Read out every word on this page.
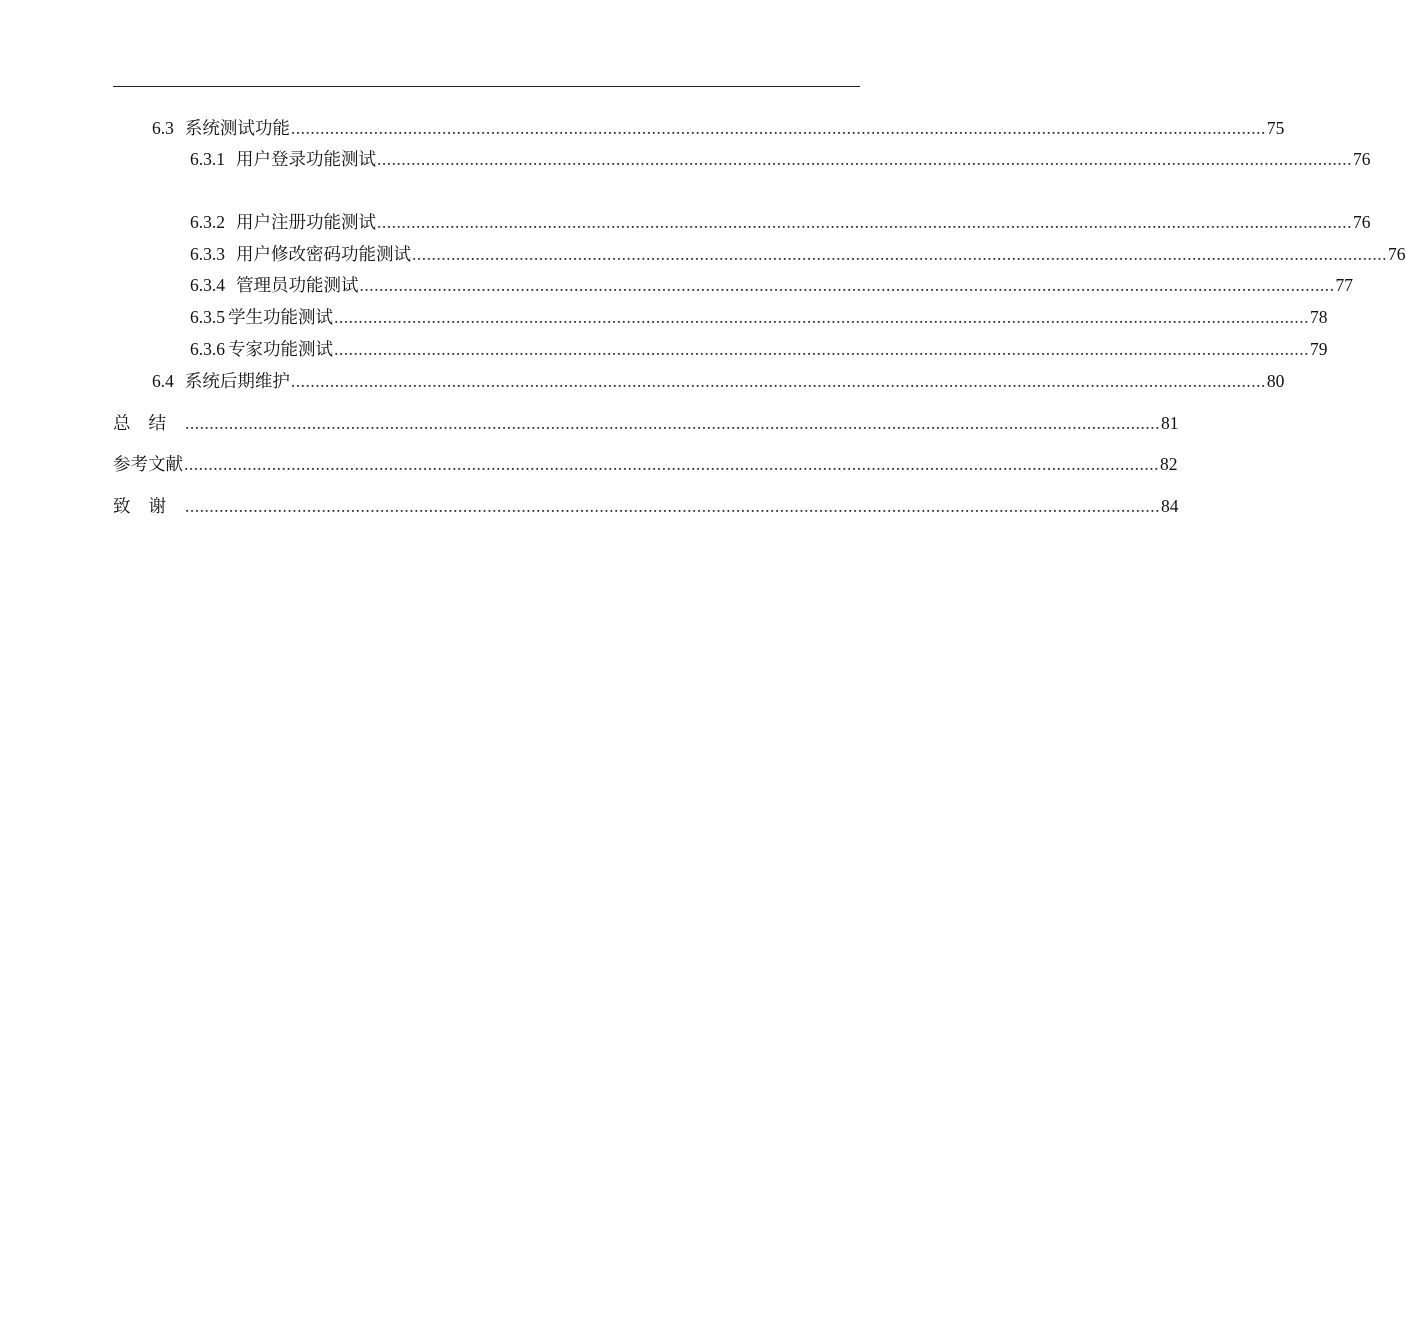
6.3 系统测试功能 ........................................................................................................................................................................................................ 75
6.3.1 用户登录功能测试 ........................................................................................................................................................................................................ 76
6.3.2 用户注册功能测试 ........................................................................................................................................................................................................ 76
6.3.3 用户修改密码功能测试 ........................................................................................................................................................................................................ 76
6.3.4 管理员功能测试 ........................................................................................................................................................................................................ 77
6.3.5 学生功能测试 ........................................................................................................................................................................................................ 78
6.3.6 专家功能测试 ........................................................................................................................................................................................................ 79
6.4 系统后期维护 ........................................................................................................................................................................................................ 80
总结 ........................................................................................................................................................................................................ 81
参考文献 ........................................................................................................................................................................................................ 82
致谢 ........................................................................................................................................................................................................ 84
